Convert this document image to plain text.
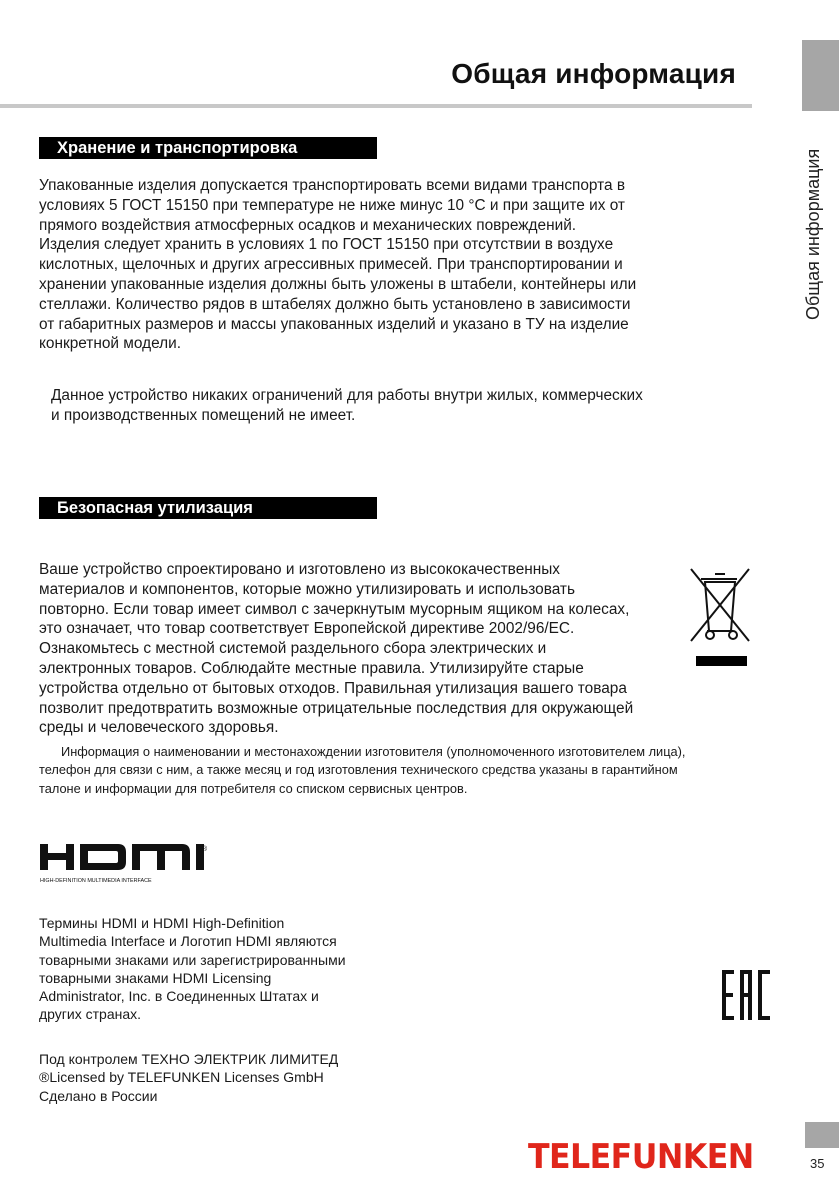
Общая информация
Общая информация
Хранение и транспортировка

Упакованные изделия допускается транспортировать всеми видами транспорта в

условиях 5 ГОСТ 15150 при температуре не ниже минус 10 °С и при защите их от

прямого воздействия атмосферных осадков и механических повреждений.

Изделия следует хранить в условиях 1 по ГОСТ 15150 при отсутствии в воздухе

кислотных, щелочных и других агрессивных примесей. При транспортировании и

хранении упакованные изделия должны быть уложены в штабели, контейнеры или

стеллажи. Количество рядов в штабелях должно быть установлено в зависимости

от габаритных размеров и массы упакованных изделий и указано в ТУ на изделие

конкретной модели.

Данное устройство никаких ограничений для работы внутри жилых, коммерческих

и производственных помещений не имеет.

Безопасная утилизация

Ваше устройство спроектировано и изготовлено из высококачественных

материалов и компонентов, которые можно утилизировать и использовать

повторно. Если товар имеет символ с зачеркнутым мусорным ящиком на колесах,

это означает, что товар соответствует Европейской директиве 2002/96/EC.

Ознакомьтесь с местной системой раздельного сбора электрических и

электронных товаров. Соблюдайте местные правила. Утилизируйте старые

устройства отдельно от бытовых отходов. Правильная утилизация вашего товара

позволит предотвратить возможные отрицательные последствия для окружающей

среды и человеческого здоровья.

Информация о наименовании и местонахождении изготовителя (уполномоченного изготовителем лица), телефон для связи с ним, а также месяц и год изготовления технического средства указаны в гарантийном талоне и информации для потребителя со списком сервисных центров.
®
HIGH-DEFINITION MULTIMEDIA INTERFACE

Термины HDMI и HDMI High-Definition

Multimedia Interface и Логотип HDMI являются

товарными знаками или зарегистрированными

товарными знаками HDMI Licensing

Administrator, Inc. в Соединенных Штатах и

других странах.

Под контролем ТЕХНО ЭЛЕКТРИК ЛИМИТЕД

®Licensed by TELEFUNKEN Licenses GmbH

Сделано в России

TELEFUNKEN	35
